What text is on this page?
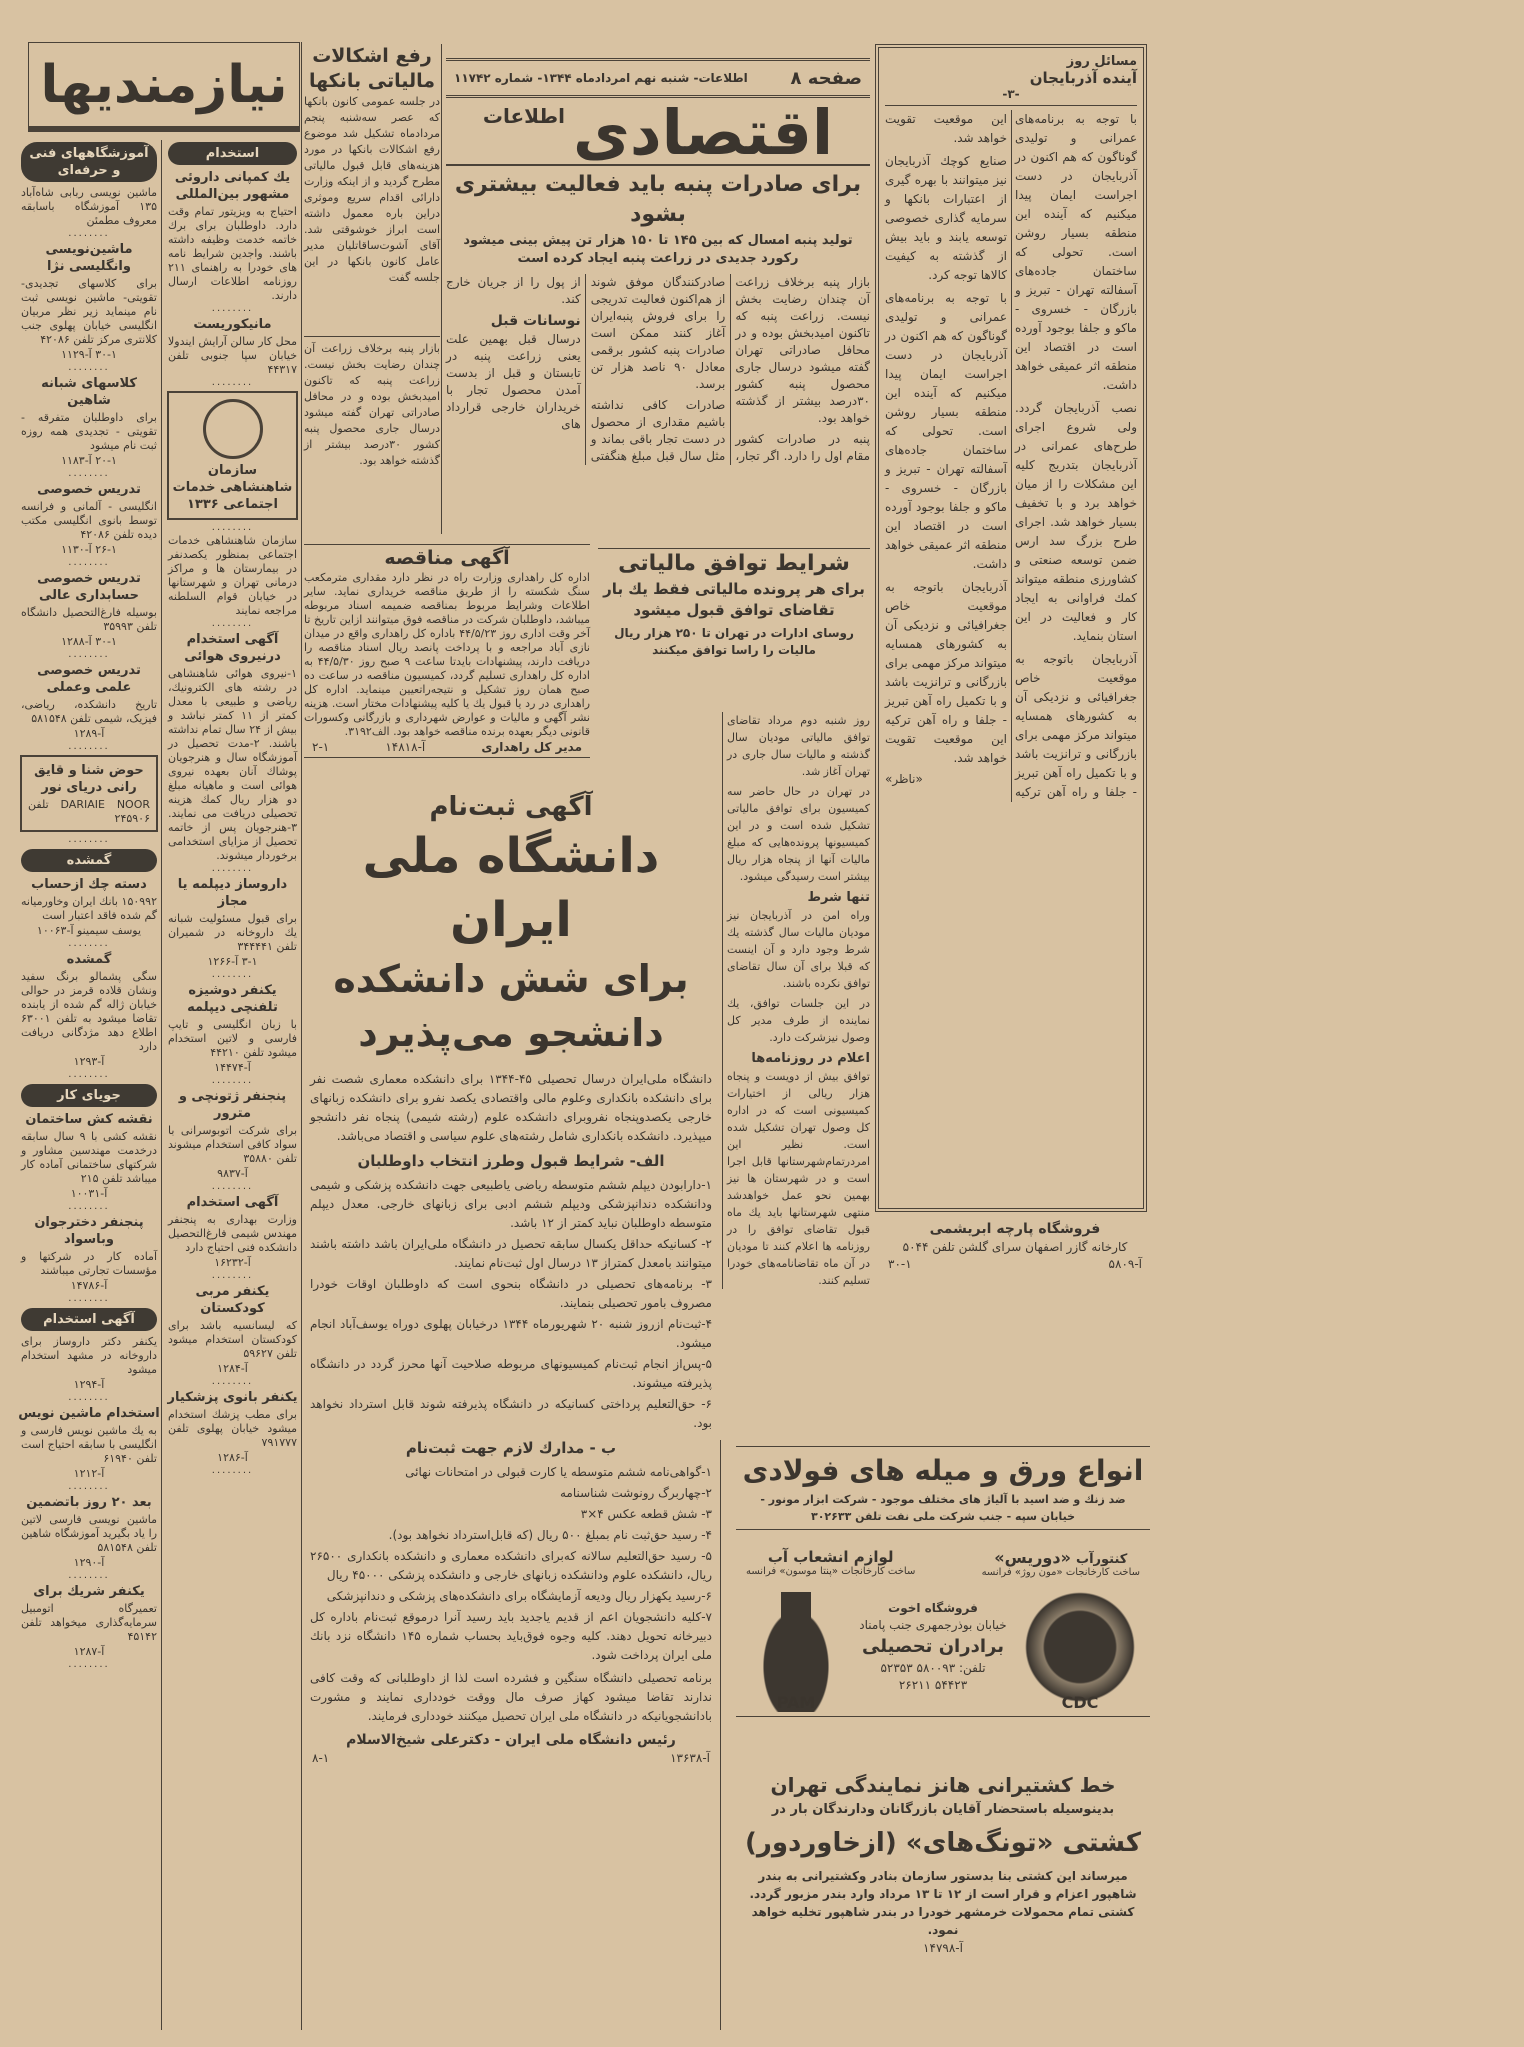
نیازمندیها
آموزشگاههای فنی و حرفه‌ای

ماشین نویسی ربابی شاه‌آباد ۱۳۵ آموزشگاه باسابقه معروف مطمئن

........
ماشین‌نویسی وانگلیسی نژا

برای کلاسهای تجدیدی- تقویتی- ماشین نویسی ثبت نام مینماید زیر نظر مربیان انگلیسی خیابان پهلوی جنب کلانتری مرکز تلفن ۴۲۰۸۶

۳۰-۱ آ-۱۱۲۹

........
کلاسهای شبانه شاهین

برای داوطلبان متفرقه - تقویتی - تجدیدی همه روزه ثبت نام میشود

۲۰-۱ آ-۱۱۸۳

........
تدریس خصوصی

انگلیسی - آلمانی و فرانسه توسط بانوی انگلیسی مکتب‌ دیده تلفن ۴۲۰۸۶

۲۶-۱ آ-۱۱۳۰

........
تدریس خصوصی حسابداری عالی

بوسیله فارغ‌التحصیل دانشگاه تلفن ۳۵۹۹۳

۳۰-۱ آ-۱۲۸۸

........
تدریس خصوصی علمی وعملی

تاریخ دانشکده، ریاضی، فیزیک، شیمی تلفن ۵۸۱۵۴۸

آ-۱۲۸۹

........
حوض شنا و قایق رانی دریای نور

DARIAIE NOOR تلفن ۲۴۵۹۰۶

........
گمشده
دسته چك ازحساب

۱۵۰۹۹۲ بانك ایران وخاورمیانه گم شده فاقد اعتبار است

یوسف سیمینو آ-۱۰۰۶۳

........
گمشده

سگی پشمالو برنگ سفید ونشان قلاده قرمز در حوالی خیابان ژاله گم شده از یابنده تقاضا میشود به تلفن ۶۳۰۰۱ اطلاع دهد مژدگانی دریافت دارد

آ-۱۲۹۳

........
جویای کار
نقشه کش ساختمان

نقشه کشی با ۹ سال سابقه درخدمت مهندسین مشاور و شرکتهای ساختمانی آماده کار میباشد تلفن ۲۱۵

آ-۱۰۰۳۱

........
پنجنفر دخترجوان وباسواد

آماده کار در شرکتها و مؤسسات تجارتی میباشند

آ-۱۴۷۸۶

........
آگهی استخدام

یکنفر دکتر داروساز برای داروخانه در مشهد استخدام میشود

آ-۱۲۹۴

........
استخدام ماشین نویس

به یك ماشین نویس فارسی و انگلیسی با سابقه احتیاج است تلفن ۶۱۹۴۰

آ-۱۲۱۲

........
بعد ۲۰ روز باتضمین

ماشین نویسی فارسی لاتین را یاد بگیرید آموزشگاه شاهین تلفن ۵۸۱۵۴۸

آ-۱۲۹۰

........
یکنفر شریك برای

تعمیرگاه اتومبیل سرمایه‌گذاری میخواهد تلفن ۴۵۱۴۲

آ-۱۲۸۷

........
استخدام
یك کمپانی داروئی مشهور بین‌المللی

احتیاج به ویزیتور تمام وقت دارد. داوطلبان برای برك خاتمه خدمت وظیفه داشته باشند. واجدین شرایط نامه های خودرا به راهنمای ۲۱۱ روزنامه اطلاعات ارسال دارند.

........
مانیکوریست

محل کار سالن آرایش ایندولا خیابان سپا جنوبی تلفن ۴۴۳۱۷

........
سازمان شاهنشاهی خدمات اجتماعی ۱۳۳۶
........

سازمان شاهنشاهی خدمات اجتماعی بمنظور یکصدنفر در بیمارستان ها و مراکز درمانی تهران و شهرستانها در خیابان قوام السلطنه مراجعه نمایند

........
آگهی استخدام درنیروی هوائی

۱-نیروی هوائی شاهنشاهی در رشته های الکترونیك، ریاضی و طبیعی با معدل کمتر از ۱۱ کمتر نباشد و بیش از ۲۴ سال تمام نداشته باشند. ۲-مدت تحصیل در آموزشگاه سال و هنرجویان پوشاك آنان بعهده نیروی هوائی است و ماهیانه مبلغ دو هزار ریال کمك هزینه تحصیلی دریافت می نمایند. ۳-هنرجویان پس از خاتمه تحصیل از مزایای استخدامی برخوردار میشوند.

........
داروساز دیپلمه یا مجاز

برای قبول مسئولیت شبانه یك داروخانه در شمیران تلفن ۳۴۴۴۴۱

۳-۱ آ-۱۲۶۶

........
یکنفر دوشیزه تلفنچی دیپلمه

با زبان انگلیسی و تایپ فارسی و لاتین استخدام میشود تلفن ۴۴۲۱۰

آ-۱۴۴۷۴

........
پنجنفر ژتونچی و مترور

برای شرکت اتوبوسرانی با سواد کافی استخدام میشوند تلفن ۳۵۸۸۰

آ-۹۸۳۷

........
آگهی استخدام

وزارت بهداری به پنجنفر مهندس شیمی فارغ‌التحصیل دانشکده فنی احتیاج دارد

آ-۱۶۲۳۲

........
یکنفر مربی کودکستان

که لیسانسیه باشد برای کودکستان استخدام میشود تلفن ۵۹۶۲۷

آ-۱۲۸۴

........
یکنفر بانوی پزشکیار

برای مطب پزشك استخدام میشود خیابان پهلوی تلفن ۷۹۱۷۷۷

آ-۱۲۸۶

........
رفع اشکالات مالیاتی بانکها
در جلسه عمومی کانون بانکها که عصر سه‌شنبه پنجم مردادماه تشکیل شد موضوع رفع اشکالات بانکها در مورد هزینه‌های قابل قبول مالیاتی مطرح گردید و از اینکه وزارت دارائی اقدام سریع وموثری دراین باره معمول داشته است ابراز خوشوقتی شد. آقای آشوت‌ساقاتلیان مدیر عامل کانون بانکها در این جلسه گفت
صفحه ۸
اطلاعات- شنبه نهم امردادماه ۱۳۴۴- شماره ۱۱۷۴۲
اقتصادی
اطلاعات
برای صادرات پنبه باید فعالیت بیشتری بشود
تولید پنبه امسال که بین ۱۴۵ تا ۱۵۰ هزار تن پیش بینی میشود رکورد جدیدی در زراعت پنبه ایجاد کرده است

بازار پنبه برخلاف زراعت آن چندان رضایت بخش نیست. زراعت پنبه که تاکنون امیدبخش بوده و در محافل صادراتی تهران گفته میشود درسال جاری محصول پنبه کشور ۳۰درصد بیشتر از گذشته خواهد بود.

پنبه در صادرات کشور مقام اول را دارد. اگر تجار، صادرکنندگان موفق شوند از هم‌اکنون فعالیت تدریجی را برای فروش پنبه‌ایران آغاز کنند ممکن است صادرات پنبه کشور برقمی معادل ۹۰ ناصد هزار تن برسد.

صادرات کافی نداشته باشیم مقداری از محصول در دست تجار باقی بماند و مثل سال قبل مبلغ هنگفتی از پول را از جریان خارج کند.

نوسانات قبل

درسال قبل بهمین علت یعنی زراعت پنبه در تابستان و قبل از بدست آمدن محصول تجار با خریداران خارجی قرارداد های

بازار پنبه برخلاف زراعت آن چندان رضایت بخش نیست. زراعت پنبه که تاکنون امیدبخش بوده و در محافل صادراتی تهران گفته میشود درسال جاری محصول پنبه کشور ۳۰درصد بیشتر از گذشته خواهد بود.

آگهی مناقصه
اداره کل راهداری وزارت راه در نظر دارد مقداری مترمکعب سنگ شکسته را از طریق مناقصه خریداری نماید. سایر اطلاعات وشرایط مربوط بمناقصه ضمیمه اسناد مربوطه میباشد، داوطلبان شرکت در مناقصه فوق میتوانند ازاین تاریخ تا آخر وقت اداری روز ۴۴/۵/۲۳ باداره کل راهداری واقع در میدان نازی آباد مراجعه و با پرداخت پانصد ریال اسناد مناقصه را دریافت دارند، پیشنهادات بایدتا ساعت ۹ صبح روز ۴۴/۵/۳۰ به اداره کل راهداری تسلیم گردد، کمیسیون مناقصه در ساعت ده صبح همان روز تشکیل و نتیجه‌راتعیین مینماید. اداره کل راهداری در رد یا قبول یك یا کلیه پیشنهادات مختار است. هزینه نشر آگهی و مالیات و عوارض شهرداری و بازرگانی وکسورات قانونی دیگر بعهده برنده مناقصه خواهد بود. الف۳۱۹۲.
مدیر کل راهداری
آ-۱۴۸۱۸
۲-۱
شرایط توافق مالیاتی
برای هر پرونده مالیاتی فقط یك بار تقاضای توافق قبول میشود
روسای ادارات در تهران تا ۲۵۰ هزار ریال مالیات را راسا توافق میکنند

روز شنبه دوم مرداد تقاضای توافق مالیاتی مودیان سال گذشته و مالیات سال جاری در تهران آغاز شد.

در تهران در حال حاضر سه کمیسیون برای توافق مالیاتی تشکیل شده است و در این کمیسیونها پرونده‌هایی که مبلغ مالیات آنها از پنجاه هزار ریال بیشتر است رسیدگی میشود.

تنها شرط

وراه امن در آذربایجان نیز مودیان مالیات سال گذشته یك شرط وجود دارد و آن اینست که قبلا برای آن سال تقاضای توافق نکرده باشند.

در این جلسات توافق، یك نماینده از طرف مدیر کل وصول نیزشرکت دارد.

اعلام در روزنامه‌ها

توافق بیش از دویست و پنجاه هزار ریالی از اختیارات کمیسیونی است که در اداره کل وصول تهران تشکیل شده است. نظیر این امردرتمام‌شهرستانها قابل اجرا است و در شهرستان ها نیز بهمین نحو عمل خواهدشد منتهی شهرستانها باید یك ماه قبول تقاضای توافق را در روزنامه ها اعلام کنند تا مودیان در آن ماه تقاضانامه‌های خودرا تسلیم کنند.

آگهی ثبت‌نام
دانشگاه ملی ایران
برای شش دانشکده
دانشجو می‌پذیرد

دانشگاه ملی‌ایران درسال تحصیلی ۴۵-۱۳۴۴ برای دانشکده معماری شصت نفر برای دانشکده بانکداری وعلوم مالی واقتصادی یکصد نفرو برای دانشکده زبانهای خارجی یکصدوپنجاه نفروبرای دانشکده علوم (رشته شیمی) پنجاه نفر دانشجو میپذیرد. دانشکده بانکداری شامل رشته‌های علوم سیاسی و اقتصاد می‌باشد.

الف- شرایط قبول وطرز انتخاب داوطلبان

۱-دارابودن دیپلم ششم متوسطه ریاضی یاطبیعی جهت دانشکده پزشکی و شیمی ودانشکده دندانپزشکی ودیپلم ششم ادبی برای زبانهای خارجی. معدل دیپلم متوسطه داوطلبان نباید کمتر از ۱۲ باشد.

۲- کسانیکه حداقل یکسال سابقه تحصیل در دانشگاه ملی‌ایران باشد داشته باشند میتوانند بامعدل کمتراز ۱۳ درسال اول ثبت‌نام نمایند.

۳- برنامه‌های تحصیلی در دانشگاه بنحوی است که داوطلبان اوقات خودرا مصروف بامور تحصیلی بنمایند.

۴-ثبت‌نام ازروز شنبه ۲۰ شهریورماه ۱۳۴۴ درخیابان پهلوی دوراه یوسف‌آباد انجام میشود.

۵-پس‌از انجام ثبت‌نام کمیسیونهای مربوطه صلاحیت آنها محرز گردد در دانشگاه پذیرفته میشوند.

۶- حق‌التعلیم پرداختی کسانیکه در دانشگاه پذیرفته شوند قابل استرداد نخواهد بود.

ب - مدارك لازم جهت ثبت‌نام

۱-گواهی‌نامه ششم متوسطه یا کارت قبولی در امتحانات نهائی

۲-چهاربرگ رونوشت شناسنامه

۳- شش قطعه عکس ۴×۳

۴- رسید حق‌ثبت نام بمبلغ ۵۰۰ ریال (که قابل‌استرداد نخواهد بود).

۵- رسید حق‌التعلیم سالانه که‌برای دانشکده معماری و دانشکده بانکداری ۲۶۵۰۰ ریال، دانشکده علوم ودانشکده زبانهای خارجی و دانشکده پزشکی ۴۵۰۰۰ ریال

۶-رسید یکهزار ریال ودیعه آزمایشگاه برای دانشکده‌های پزشکی و دندانپزشکی

۷-کلیه دانشجویان اعم از قدیم یاجدید باید رسید آنرا درموقع ثبت‌نام باداره کل دبیرخانه تحویل دهند. کلیه وجوه فوق‌باید بحساب شماره ۱۴۵ دانشگاه نزد بانك ملی ایران پرداخت شود.

برنامه تحصیلی دانشگاه سنگین و فشرده است لذا از داوطلبانی که وقت کافی ندارند تقاضا میشود کهاز صرف مال ووقت خودداری نمایند و مشورت بادانشجویانیکه در دانشگاه ملی ایران تحصیل میکنند خودداری فرمایند.

رئیس دانشگاه ملی ایران - دکترعلی شیخ‌الاسلام
آ-۱۳۶۳۸
۸-۱
مسائل روز
آینده آذربایجان
-۳-

با توجه به برنامه‌های عمرانی و تولیدی گوناگون که هم اکنون در آذربایجان در دست اجراست ایمان پیدا میکنیم که آینده این منطقه بسیار روشن است. تحولی که ساختمان جاده‌های آسفالته تهران - تبریز و بازرگان - خسروی - ماکو و جلفا بوجود آورده است در اقتصاد این منطقه اثر عمیقی خواهد داشت.

نصب آذربایجان گردد. ولی شروع اجرای طرح‌های عمرانی در آذربایجان بتدریج کلیه این مشکلات را از میان خواهد برد و با تخفیف بسیار خواهد شد. اجرای طرح بزرگ سد ارس ضمن توسعه صنعتی و کشاورزی منطقه میتواند کمك فراوانی به ایجاد کار و فعالیت در این استان بنماید.

آذربایجان باتوجه به موقعیت خاص جغرافیائی و نزدیکی آن به کشورهای همسایه میتواند مرکز مهمی برای بازرگانی و ترانزیت باشد و با تکمیل راه آهن تبریز - جلفا و راه آهن ترکیه این موقعیت تقویت خواهد شد.

صنایع کوچك آذربایجان نیز میتوانند با بهره گیری از اعتبارات بانکها و سرمایه گذاری خصوصی توسعه یابند و باید بیش از گذشته به کیفیت کالاها توجه کرد.

با توجه به برنامه‌های عمرانی و تولیدی گوناگون که هم اکنون در آذربایجان در دست اجراست ایمان پیدا میکنیم که آینده این منطقه بسیار روشن است. تحولی که ساختمان جاده‌های آسفالته تهران - تبریز و بازرگان - خسروی - ماکو و جلفا بوجود آورده است در اقتصاد این منطقه اثر عمیقی خواهد داشت.

آذربایجان باتوجه به موقعیت خاص جغرافیائی و نزدیکی آن به کشورهای همسایه میتواند مرکز مهمی برای بازرگانی و ترانزیت باشد و با تکمیل راه آهن تبریز - جلفا و راه آهن ترکیه این موقعیت تقویت خواهد شد.

«ناظر»
فروشگاه پارچه ابریشمی
کارخانه گازر اصفهان سرای گلشن تلفن ۵۰۴۴
آ-۵۸۰۹
۳۰-۱
انواع ورق و میله های فولادی
ضد زنك و ضد اسید با آلیاژ های مختلف موجود - شرکت ابزار مونور -
خیابان سپه - جنب شرکت ملی نفت تلفن ۳۰۲۶۳۳
کنتورآب «دوریس»
ساخت کارخانجات «مون روژ» فرانسه
لوازم انشعاب آب
ساخت کارخانجات «پنتا موسون» فرانسه
CDC
فروشگاه اخوت
خیابان بوذرجمهری جنب پامناد
برادران تحصیلی
تلفن: ۵۸۰۰۹۳ ۵۲۳۵۳
۵۴۴۲۳ ۲۶۲۱۱
PAM
خط کشتیرانی هانز نمایندگی تهران
بدینوسیله باستحضار آقایان بازرگانان ودارندگان بار در
کشتی «تونگ‌های» (ازخاوردور)
میرساند این کشتی بنا بدستور سازمان بنادر وکشتیرانی به بندر شاهپور اعزام و قرار است از ۱۲ تا ۱۳ مرداد وارد بندر مزبور گردد. کشتی تمام محمولات خرمشهر خودرا در بندر شاهپور تخلیه خواهد نمود.
آ-۱۴۷۹۸
